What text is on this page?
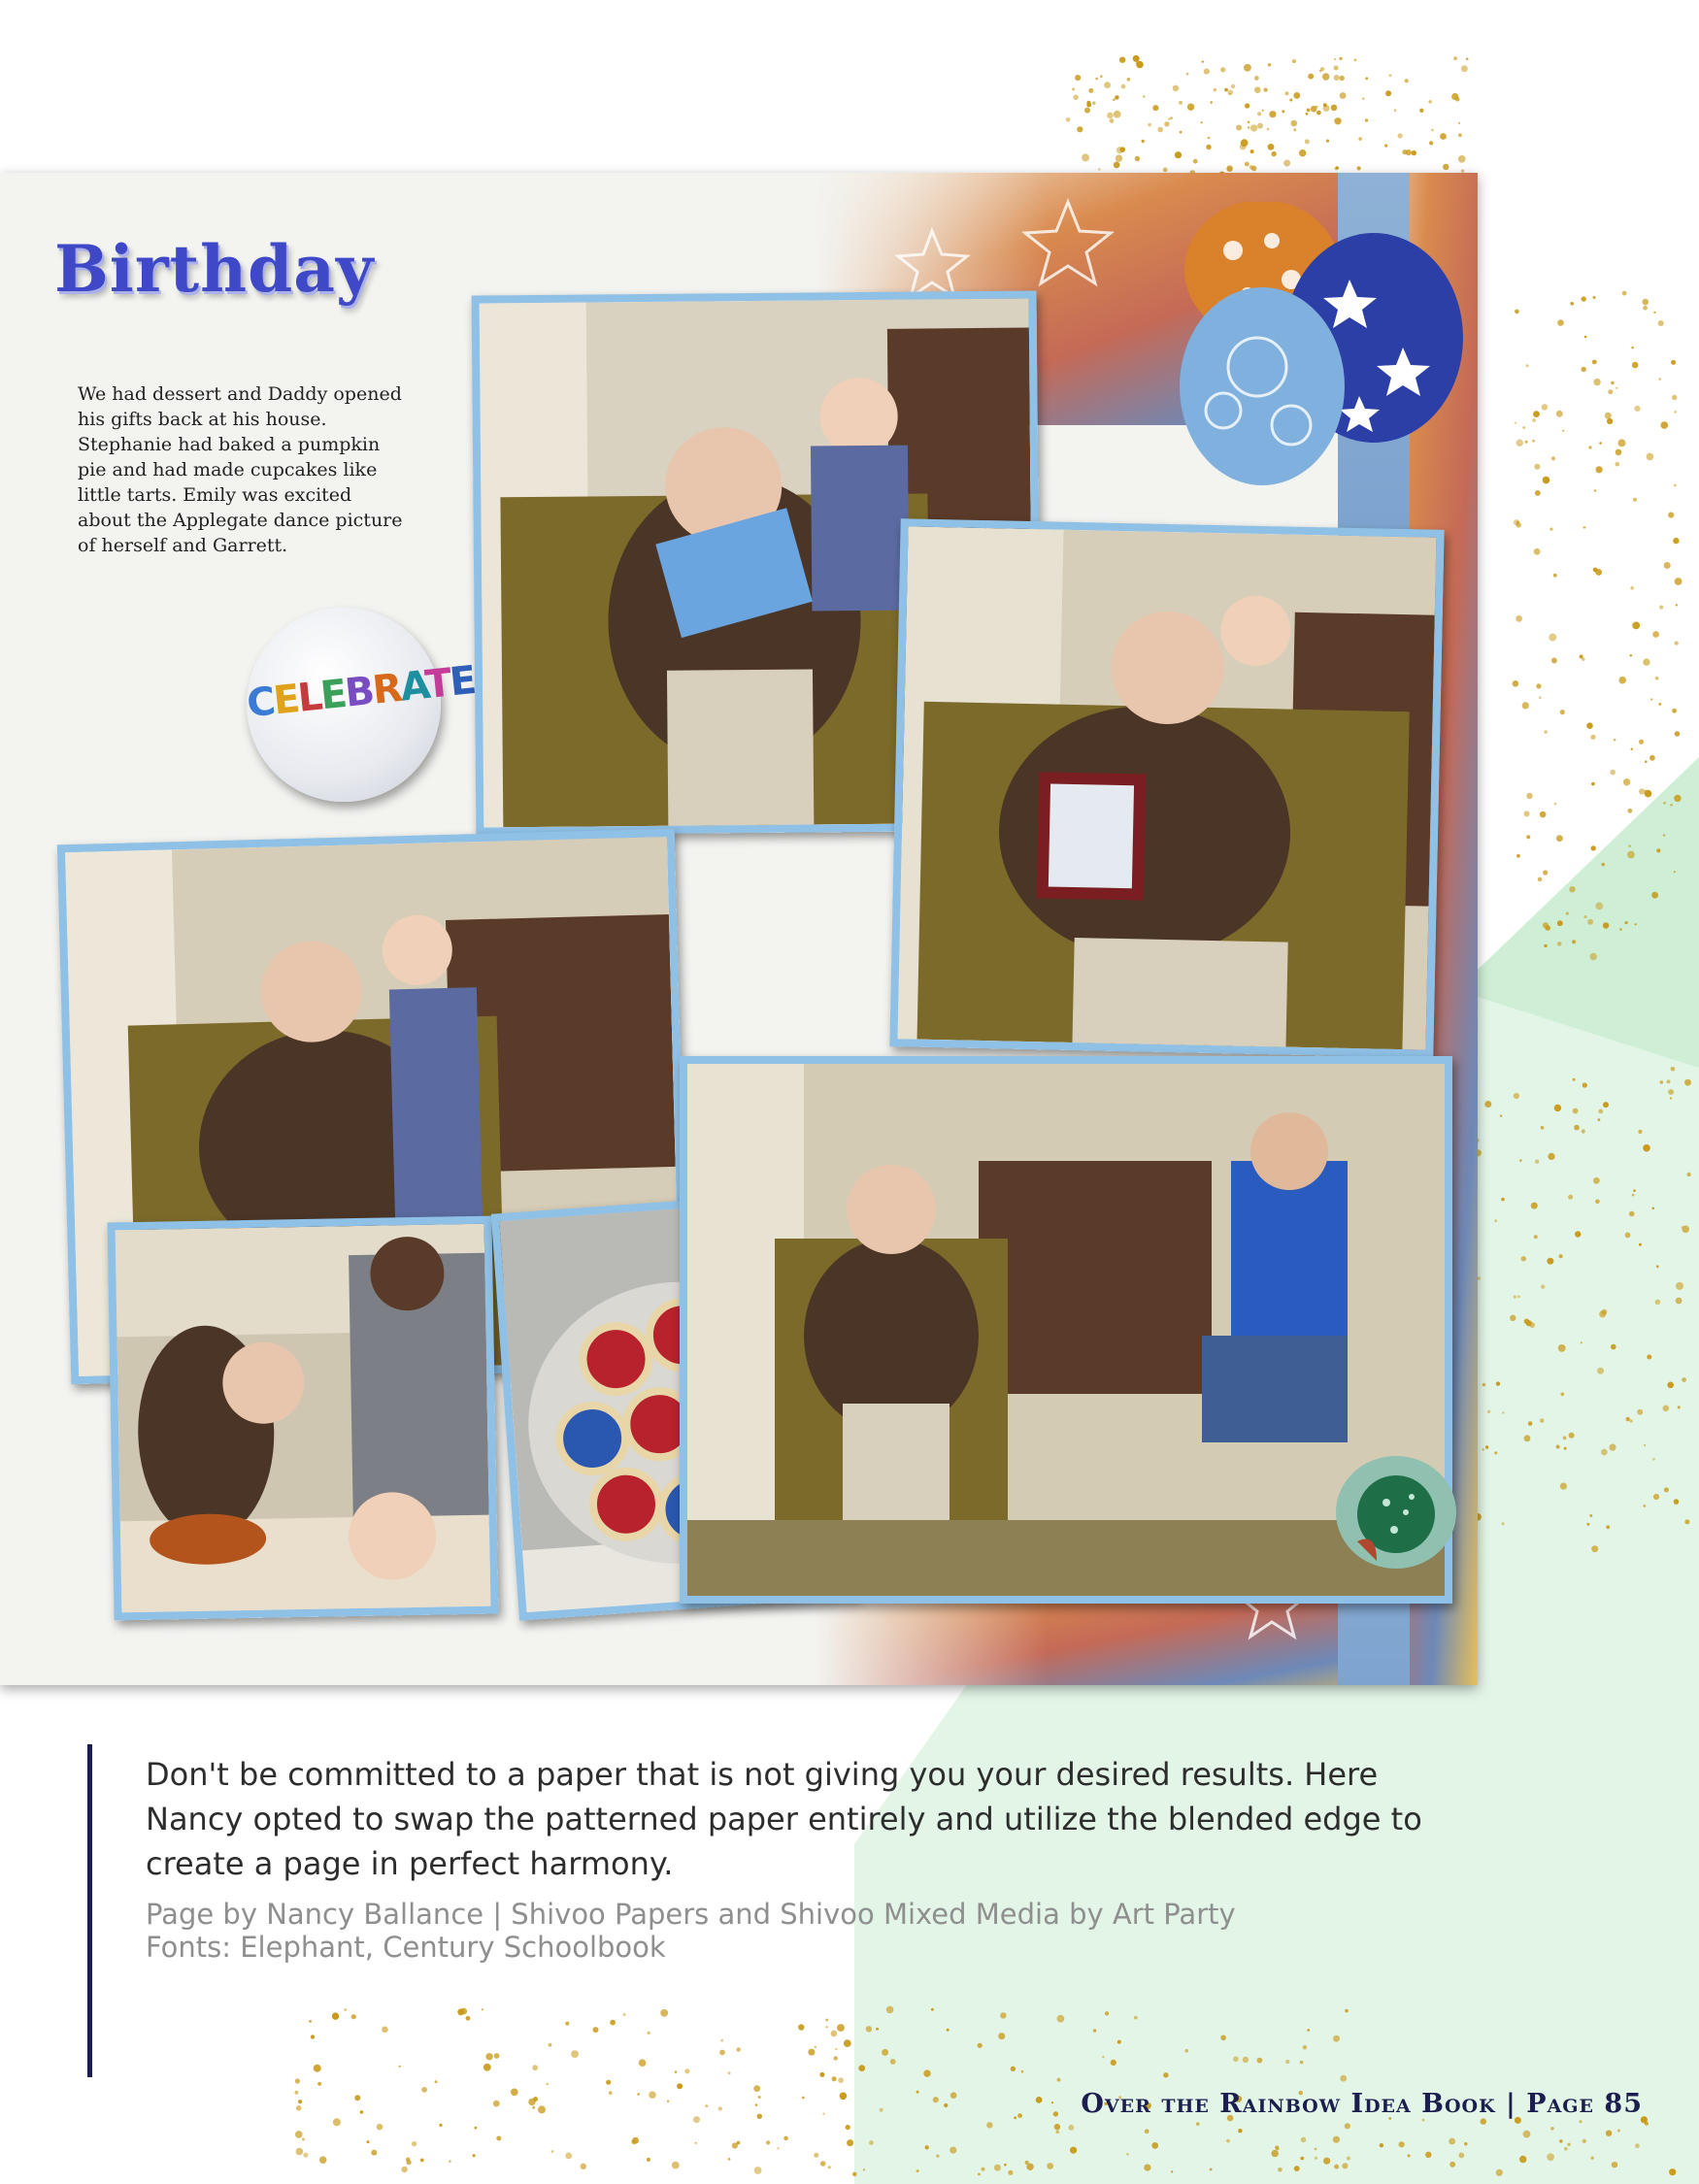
Birthday
We had dessert and Daddy opened his gifts back at his house. Stephanie had baked a pumpkin pie and had made cupcakes like little tarts. Emily was excited about the Applegate dance picture of herself and Garrett.
CELEBRATE
Don't be committed to a paper that is not giving you your desired results. Here Nancy opted to swap the patterned paper entirely and utilize the blended edge to create a page in perfect harmony.
Page by Nancy Ballance | Shivoo Papers and Shivoo Mixed Media by Art Party
Fonts: Elephant, Century Schoolbook
Over the Rainbow Idea Book | Page 85
